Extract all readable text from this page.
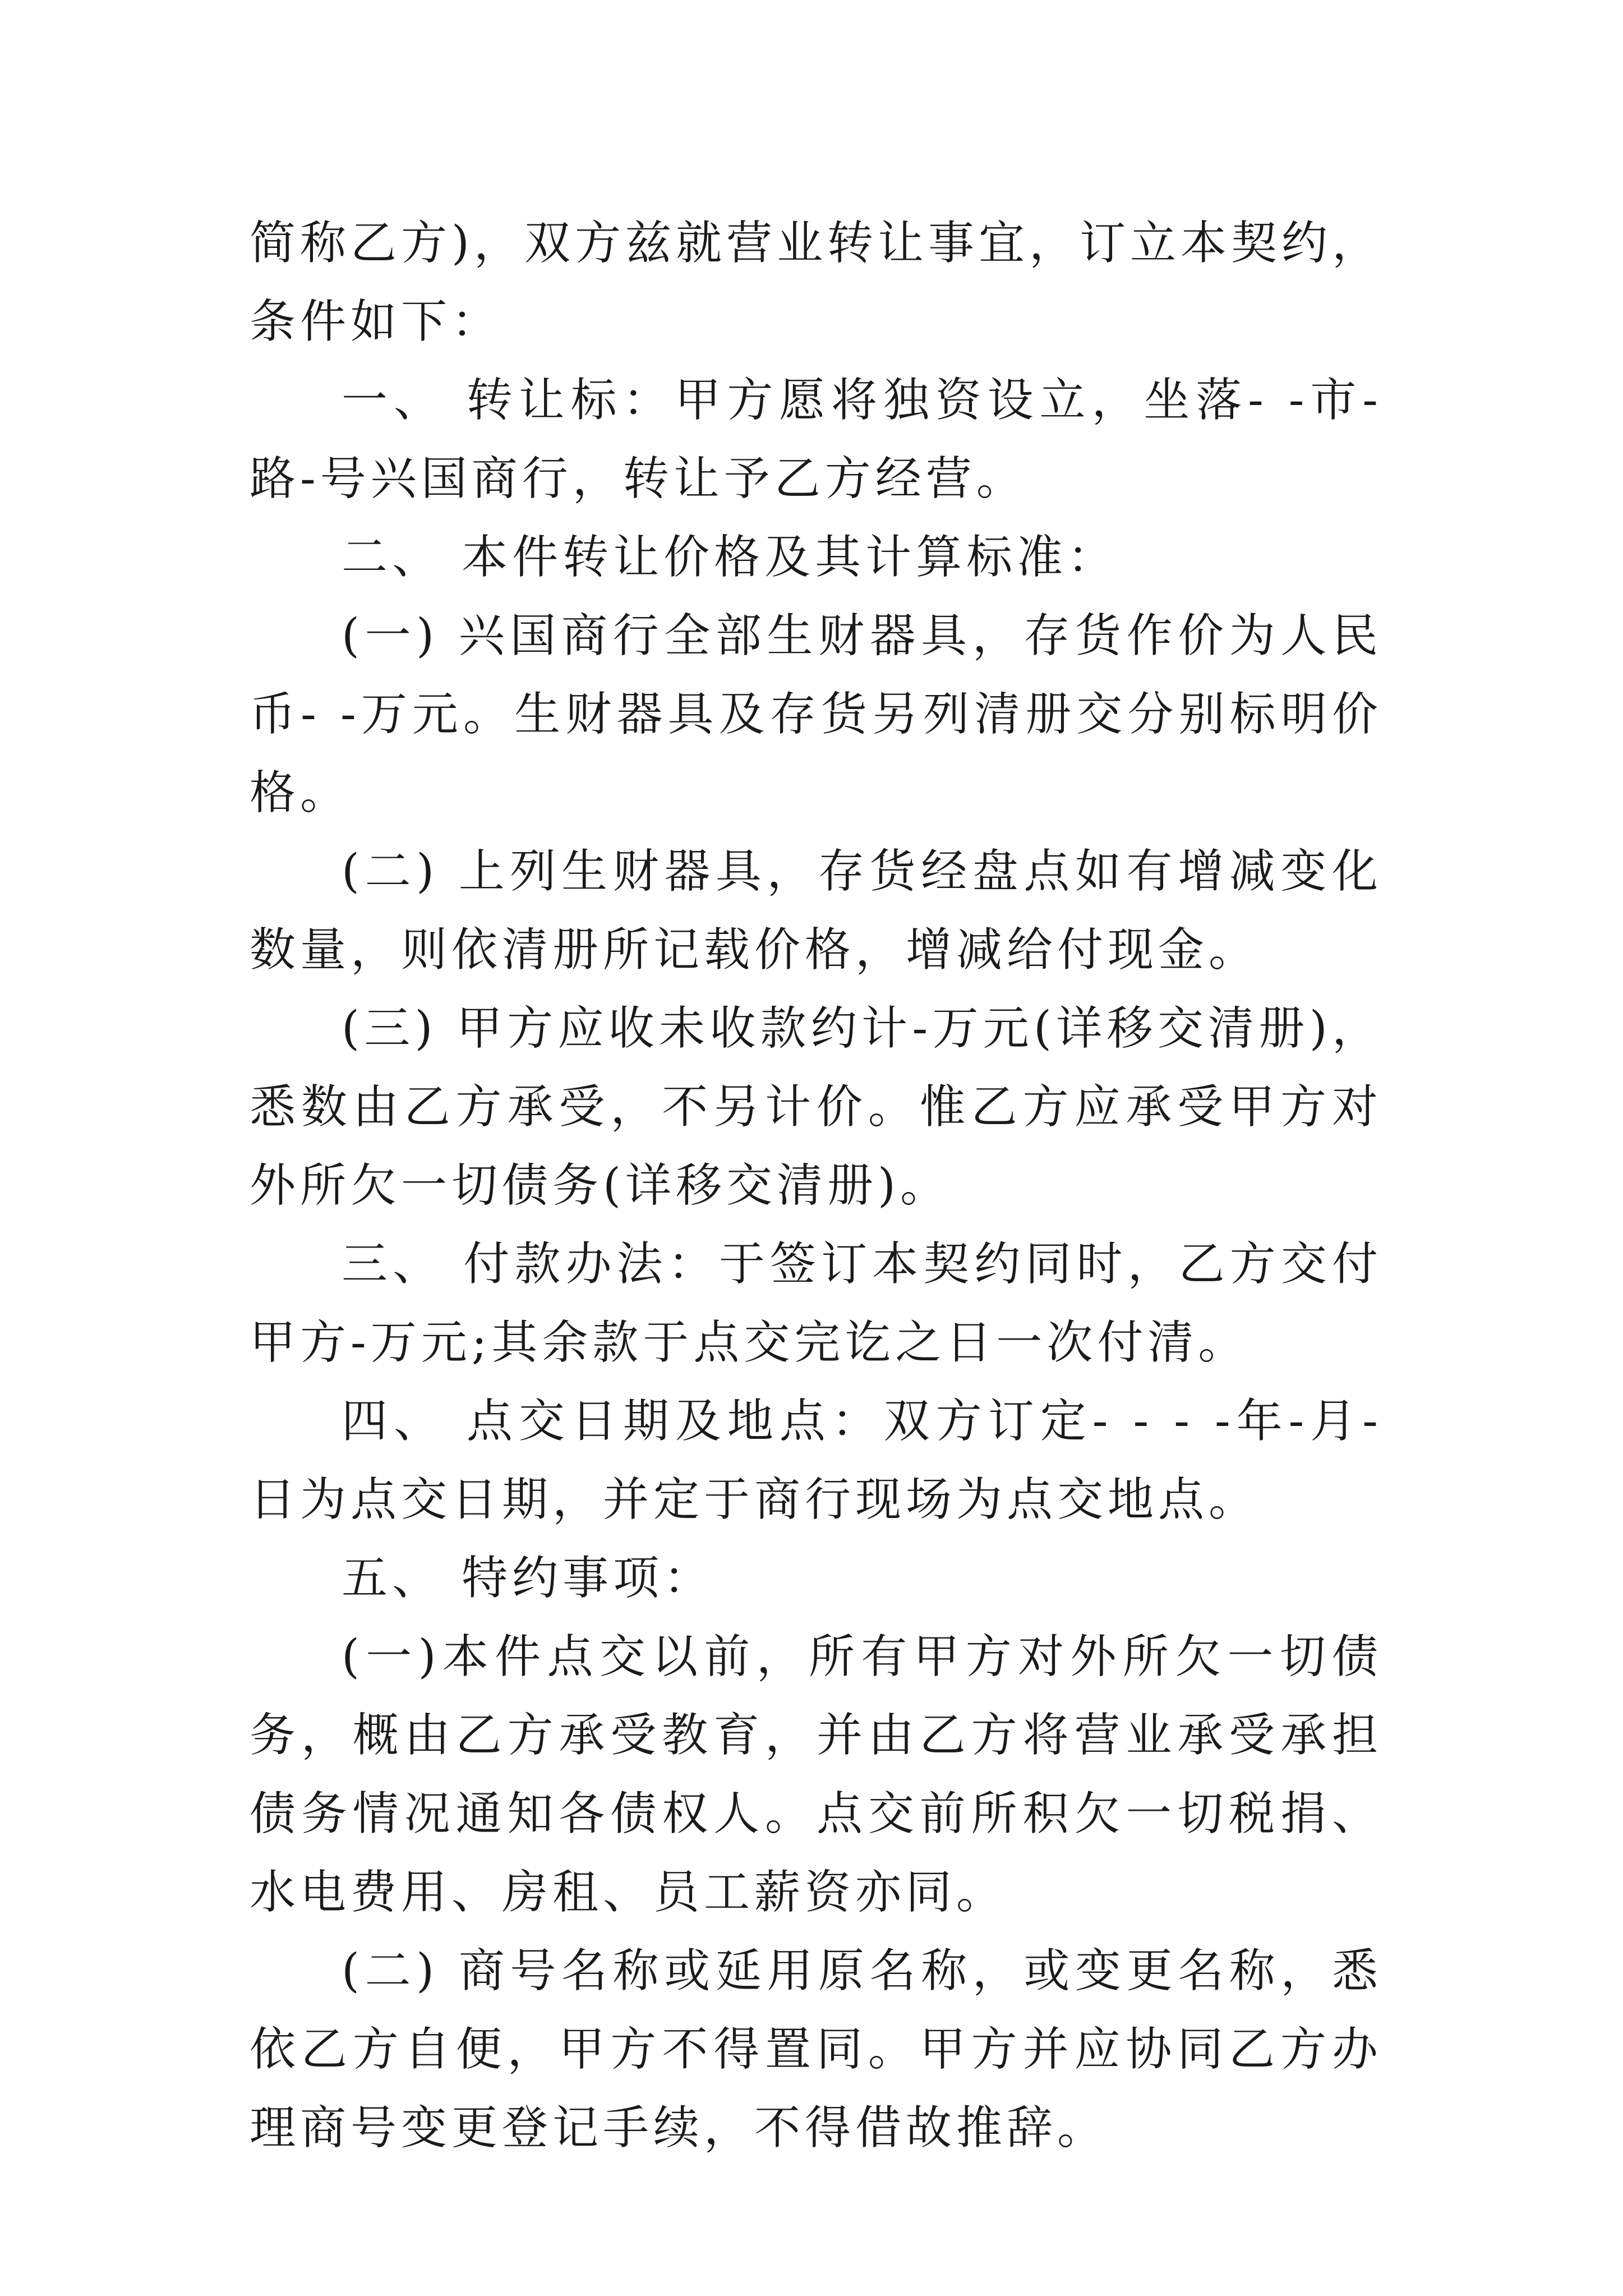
简称乙方)，双方兹就营业转让事宜，订立本契约，条件如下：

一、 转让标：甲方愿将独资设立，坐落- -市-路-号兴国商行，转让予乙方经营。

二、 本件转让价格及其计算标准：

(一) 兴国商行全部生财器具，存货作价为人民币- -万元。生财器具及存货另列清册交分别标明价格。

(二) 上列生财器具，存货经盘点如有增减变化数量，则依清册所记载价格，增减给付现金。

(三) 甲方应收未收款约计-万元(详移交清册)，悉数由乙方承受，不另计价。惟乙方应承受甲方对外所欠一切债务(详移交清册)。

三、 付款办法：于签订本契约同时，乙方交付甲方-万元;其余款于点交完讫之日一次付清。

四、 点交日期及地点：双方订定- - - -年-月-日为点交日期，并定于商行现场为点交地点。

五、 特约事项：

(一)本件点交以前，所有甲方对外所欠一切债务，概由乙方承受教育，并由乙方将营业承受承担债务情况通知各债权人。点交前所积欠一切税捐、水电费用、房租、员工薪资亦同。

(二) 商号名称或延用原名称，或变更名称，悉依乙方自便，甲方不得置同。甲方并应协同乙方办理商号变更登记手续，不得借故推辞。
